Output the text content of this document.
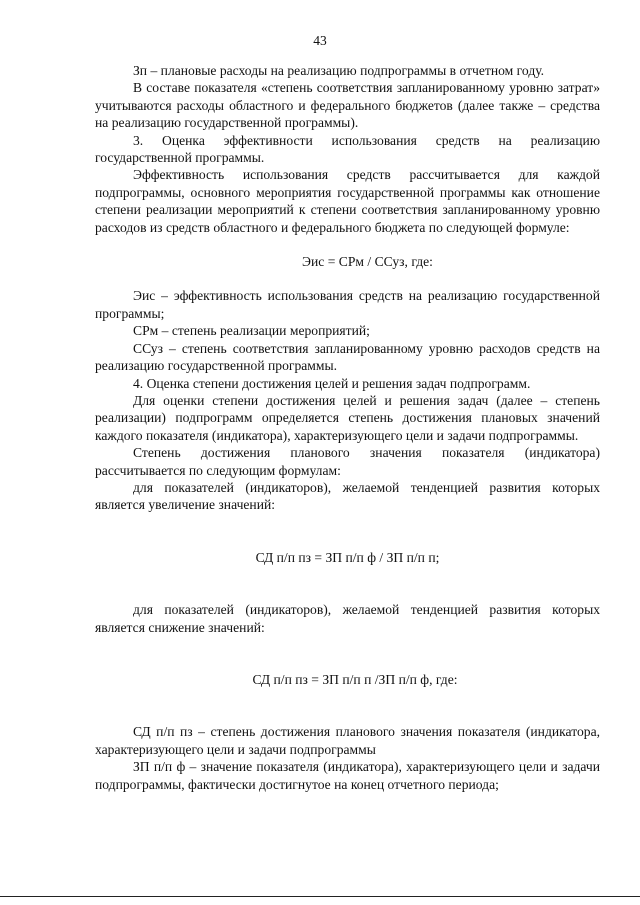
43

Зп – плановые расходы на реализацию подпрограммы в отчетном году.

В составе показателя «степень соответствия запланированному уровню затрат» учитываются расходы областного и федерального бюджетов (далее также – средства на реализацию государственной программы).

3. Оценка эффективности использования средств на реализацию государственной программы.

Эффективность использования средств рассчитывается для каждой подпрограммы, основного мероприятия государственной программы как отношение степени реализации мероприятий к степени соответствия запланированному уровню расходов из средств областного и федерального бюджета по следующей формуле:

Эис = СРм / ССуз, где:

Эис – эффективность использования средств на реализацию государственной программы;

СРм – степень реализации мероприятий;

ССуз – степень соответствия запланированному уровню расходов средств на реализацию государственной программы.

4. Оценка степени достижения целей и решения задач подпрограмм.

Для оценки степени достижения целей и решения задач (далее – степень реализации) подпрограмм определяется степень достижения плановых значений каждого показателя (индикатора), характеризующего цели и задачи подпрограммы.

Степень достижения планового значения показателя (индикатора) рассчитывается по следующим формулам:

для показателей (индикаторов), желаемой тенденцией развития которых является увеличение значений:

СД п/п пз = ЗП п/п ф / ЗП п/п п;

для показателей (индикаторов), желаемой тенденцией развития которых является снижение значений:

СД п/п пз = ЗП п/п п /ЗП п/п ф, где:

СД п/п пз – степень достижения планового значения показателя (индикатора, характеризующего цели и задачи подпрограммы

ЗП п/п ф – значение показателя (индикатора), характеризующего цели и задачи подпрограммы, фактически достигнутое на конец отчетного периода;
